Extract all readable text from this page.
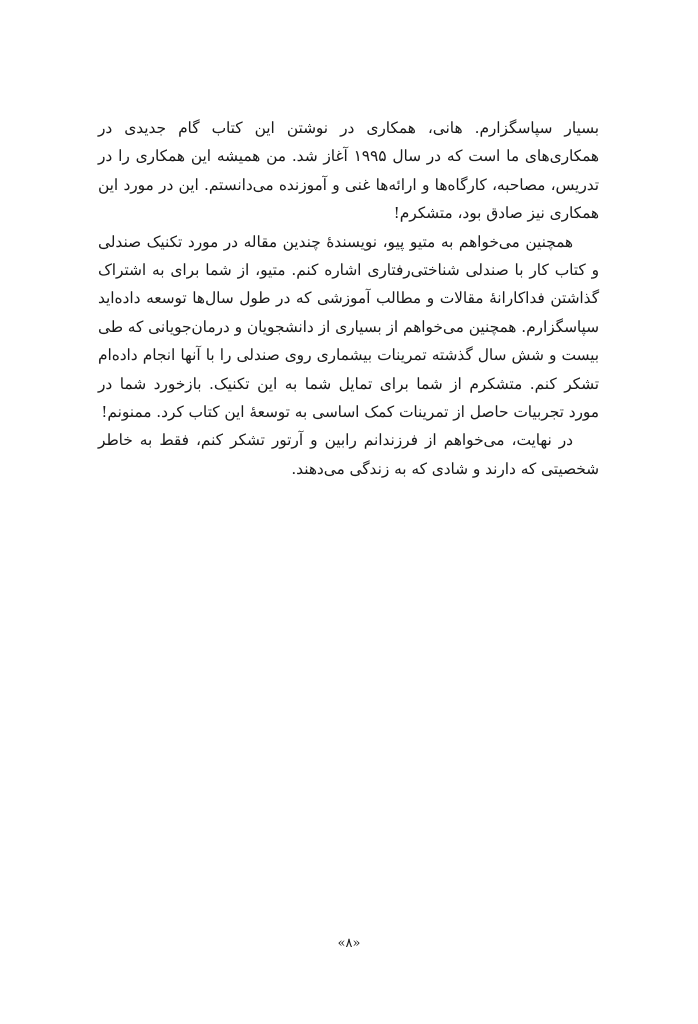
بسیار سپاسگزارم. هانی، همکاری در نوشتن این کتاب گام جدیدی در همکاری‌های ما است که در سال ۱۹۹۵ آغاز شد. من همیشه این همکاری را در تدریس، مصاحبه، کارگاه‌ها و ارائه‌ها غنی و آموزنده می‌دانستم. این در مورد این همکاری نیز صادق بود، متشکرم!

همچنین می‌خواهم به متیو پیو، نویسندهٔ چندین مقاله در مورد تکنیک صندلی و کتاب کار با صندلی شناختی‌رفتاری اشاره کنم. متیو، از شما برای به اشتراک گذاشتن فداکارانهٔ مقالات و مطالب آموزشی که در طول سال‌ها توسعه داده‌اید سپاسگزارم. همچنین می‌خواهم از بسیاری از دانشجویان و درمان‌جویانی که طی بیست و شش سال گذشته تمرینات بیشماری روی صندلی را با آنها انجام داده‌ام تشکر کنم. متشکرم از شما برای تمایل شما به این تکنیک. بازخورد شما در مورد تجربیات حاصل از تمرینات کمک اساسی به توسعهٔ این کتاب کرد. ممنونم!

در نهایت، می‌خواهم از فرزندانم رابین و آرتور تشکر کنم، فقط به خاطر شخصیتی که دارند و شادی که به زندگی می‌دهند.

«۸»
